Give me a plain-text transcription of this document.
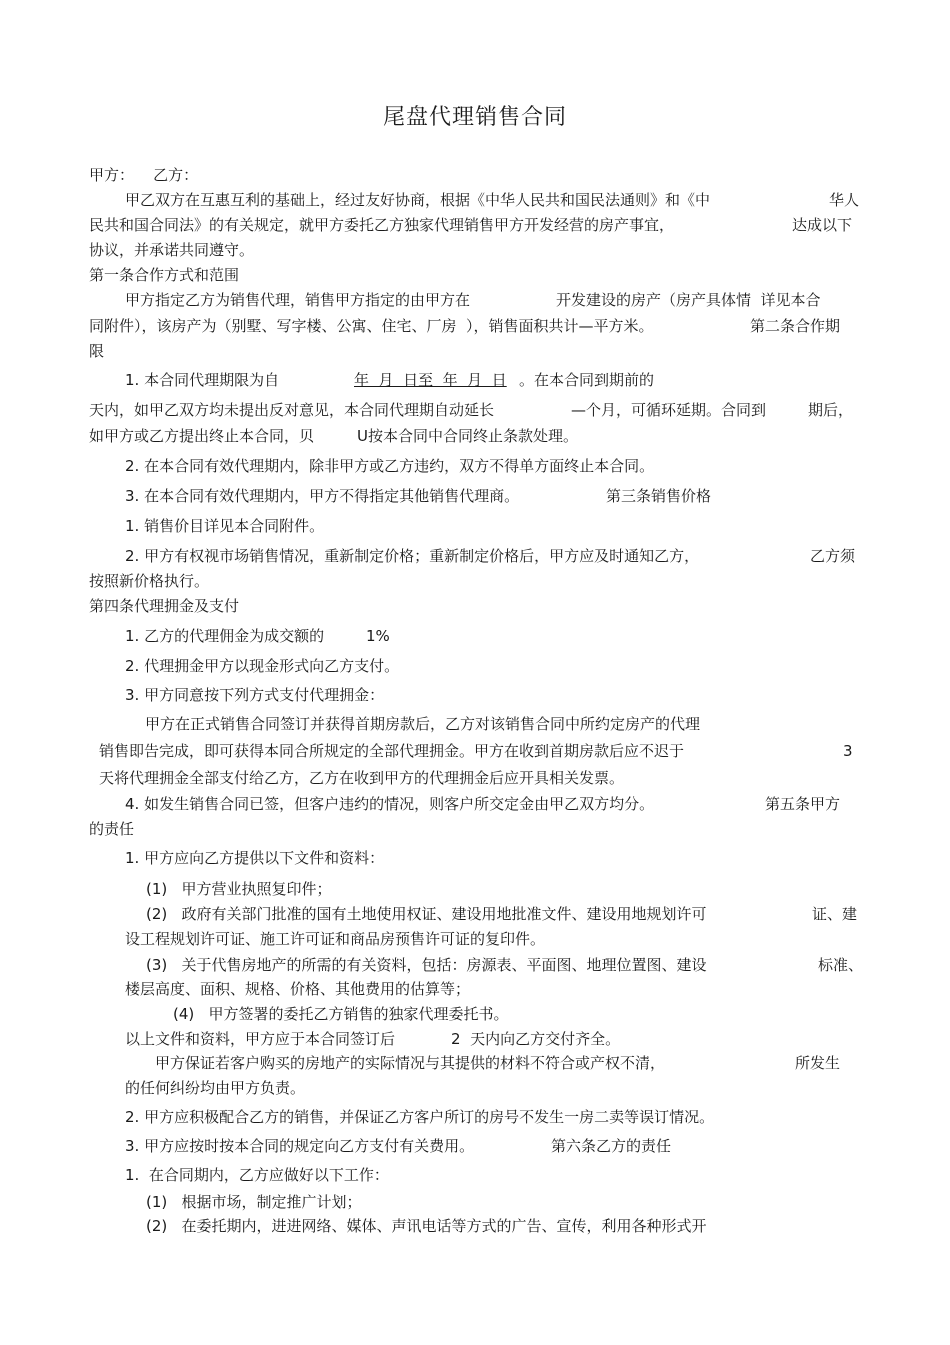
尾盘代理销售合同
甲方：    乙方：
甲乙双方在互惠互利的基础上，经过友好协商，根据《中华人民共和国民法通则》和《中	华人
民共和国合同法》的有关规定，就甲方委托乙方独家代理销售甲方开发经营的房产事宜，	达成以下
协议，并承诺共同遵守。
第一条合作方式和范围
甲方指定乙方为销售代理，销售甲方指定的由甲方在	开发建设的房产（房产具体情  详见本合
同附件），该房产为（别墅、写字楼、公寓、住宅、厂房  ），销售面积共计—平方米。	第二条合作期
限
1. 本合同代理期限为自	年  月  日至  年  月  日 。在本合同到期前的
天内，如甲乙双方均未提出反对意见，本合同代理期自动延长	—个月，可循环延期。合同到	期后，
如甲方或乙方提出终止本合同，贝	U按本合同中合同终止条款处理。
2. 在本合同有效代理期内，除非甲方或乙方违约，双方不得单方面终止本合同。
3. 在本合同有效代理期内，甲方不得指定其他销售代理商。	第三条销售价格
1. 销售价目详见本合同附件。
2. 甲方有权视市场销售情况，重新制定价格；重新制定价格后，甲方应及时通知乙方，	乙方须
按照新价格执行。
第四条代理拥金及支付
1. 乙方的代理佣金为成交额的	1%
2. 代理拥金甲方以现金形式向乙方支付。
3. 甲方同意按下列方式支付代理拥金：
甲方在正式销售合同签订并获得首期房款后，乙方对该销售合同中所约定房产的代理
销售即告完成，即可获得本同合所规定的全部代理拥金。甲方在收到首期房款后应不迟于	3
天将代理拥金全部支付给乙方，乙方在收到甲方的代理拥金后应开具相关发票。
4. 如发生销售合同已签，但客户违约的情况，则客户所交定金由甲乙双方均分。	第五条甲方
的责任
1. 甲方应向乙方提供以下文件和资料：
(1)   甲方营业执照复印件；
(2)   政府有关部门批准的国有土地使用权证、建设用地批准文件、建设用地规划许可	证、建
设工程规划许可证、施工许可证和商品房预售许可证的复印件。
(3)   关于代售房地产的所需的有关资料，包括：房源表、平面图、地理位置图、建设	标准、
楼层高度、面积、规格、价格、其他费用的估算等；
(4)   甲方签署的委托乙方销售的独家代理委托书。
以上文件和资料，甲方应于本合同签订后	2  天内向乙方交付齐全。
甲方保证若客户购买的房地产的实际情况与其提供的材料不符合或产权不清，	所发生
的任何纠纷均由甲方负责。
2. 甲方应积极配合乙方的销售，并保证乙方客户所订的房号不发生一房二卖等误订情况。
3. 甲方应按时按本合同的规定向乙方支付有关费用。	第六条乙方的责任
1.  在合同期内，乙方应做好以下工作：
(1)   根据市场，制定推广计划；
(2)   在委托期内，进进网络、媒体、声讯电话等方式的广告、宣传，利用各种形式开
